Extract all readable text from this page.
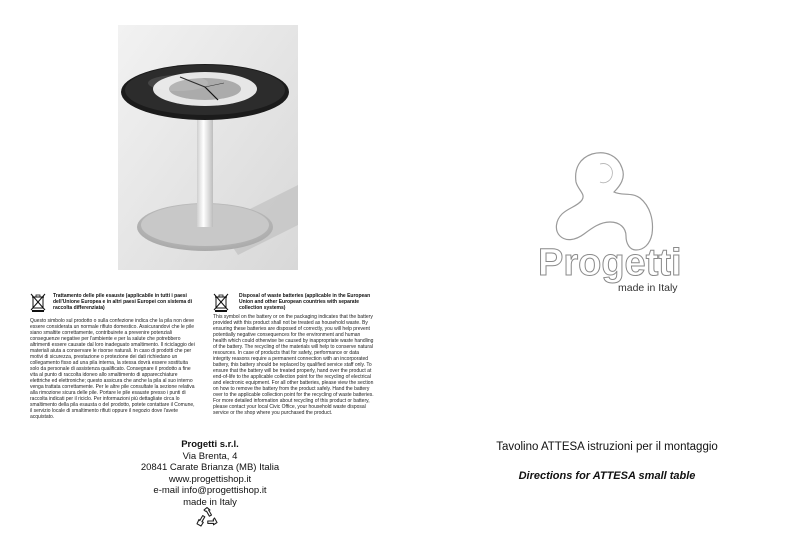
Progetti
made in Italy
Trattamento delle pile esauste (applicabile in tutti i paesi dell'Unione Europea e in altri paesi Europei con sistema di raccolta differenziata)
Questo simbolo sul prodotto o sulla confezione indica che la pila non deve essere considerata un normale rifiuto domestico. Assicurandovi che le pile siano smaltite correttamente, contribuirete a prevenire potenziali conseguenze negative per l'ambiente e per la salute che potrebbero altrimenti essere causate dal loro inadeguato smaltimento. Il riciclaggio dei materiali aiuta a conservare le risorse naturali. In caso di prodotti che per motivi di sicurezza, prestazione o protezione dei dati richiedano un collegamento fisso ad una pila interna, la stessa dovrà essere sostituita solo da personale di assistenza qualificato. Consegnare il prodotto a fine vita al punto di raccolta idoneo allo smaltimento di apparecchiature elettriche ed elettroniche; questo assicura che anche la pila al suo interno venga trattata correttamente. Per le altre pile consultate la sezione relativa alla rimozione sicura delle pile. Portare le pile esauste presso i punti di raccolta indicati per il riciclo. Per informazioni più dettagliate circa lo smaltimento della pila esausta o del prodotto, potete contattare il Comune, il servizio locale di smaltimento rifiuti oppure il negozio dove l'avete acquistato.
Disposal of waste batteries (applicable in the European Union and other European countries with separate collection systems)
This symbol on the battery or on the packaging indicates that the battery provided with this product shall not be treated as household waste. By ensuring these batteries are disposed of correctly, you will help prevent potentially negative consequences for the environment and human health which could otherwise be caused by inappropriate waste handling of the battery. The recycling of the materials will help to conserve natural resources. In case of products that for safety, performance or data integrity reasons require a permanent connection with an incorporated battery, this battery should be replaced by qualified service staff only. To ensure that the battery will be treated properly, hand over the product at end-of-life to the applicable collection point for the recycling of electrical and electronic equipment. For all other batteries, please view the section on how to remove the battery from the product safely. Hand the battery over to the applicable collection point for the recycling of waste batteries. For more detailed information about recycling of this product or battery, please contact your local Civic Office, your household waste disposal service or the shop where you purchased the product.
Progetti s.r.l.
Via Brenta, 4
20841 Carate Brianza (MB) Italia
www.progettishop.it
e-mail info@progettishop.it
made in Italy
Tavolino ATTESA istruzioni per il montaggio
Directions for ATTESA small table
